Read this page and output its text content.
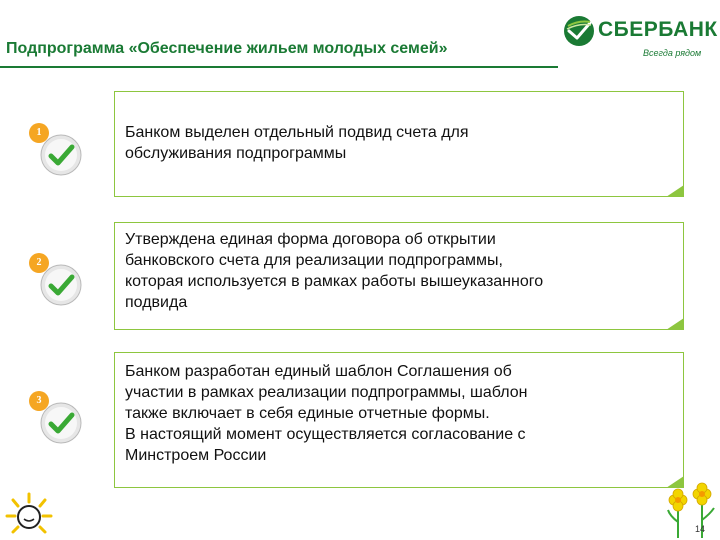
Подпрограмма «Обеспечение жильем молодых семей»
СБЕРБАНК
Всегда рядом
1	Банком выделен отдельный подвид счета для
обслуживания подпрограммы
2
Утверждена единая форма договора об открытии
банковского счета для реализации подпрограммы,
которая используется в рамках работы вышеуказанного
подвида
3
Банком разработан единый шаблон Соглашения об
участии в рамках реализации подпрограммы, шаблон
также включает в себя единые отчетные формы.
В настоящий момент осуществляется согласование с
Минстроем России
14
